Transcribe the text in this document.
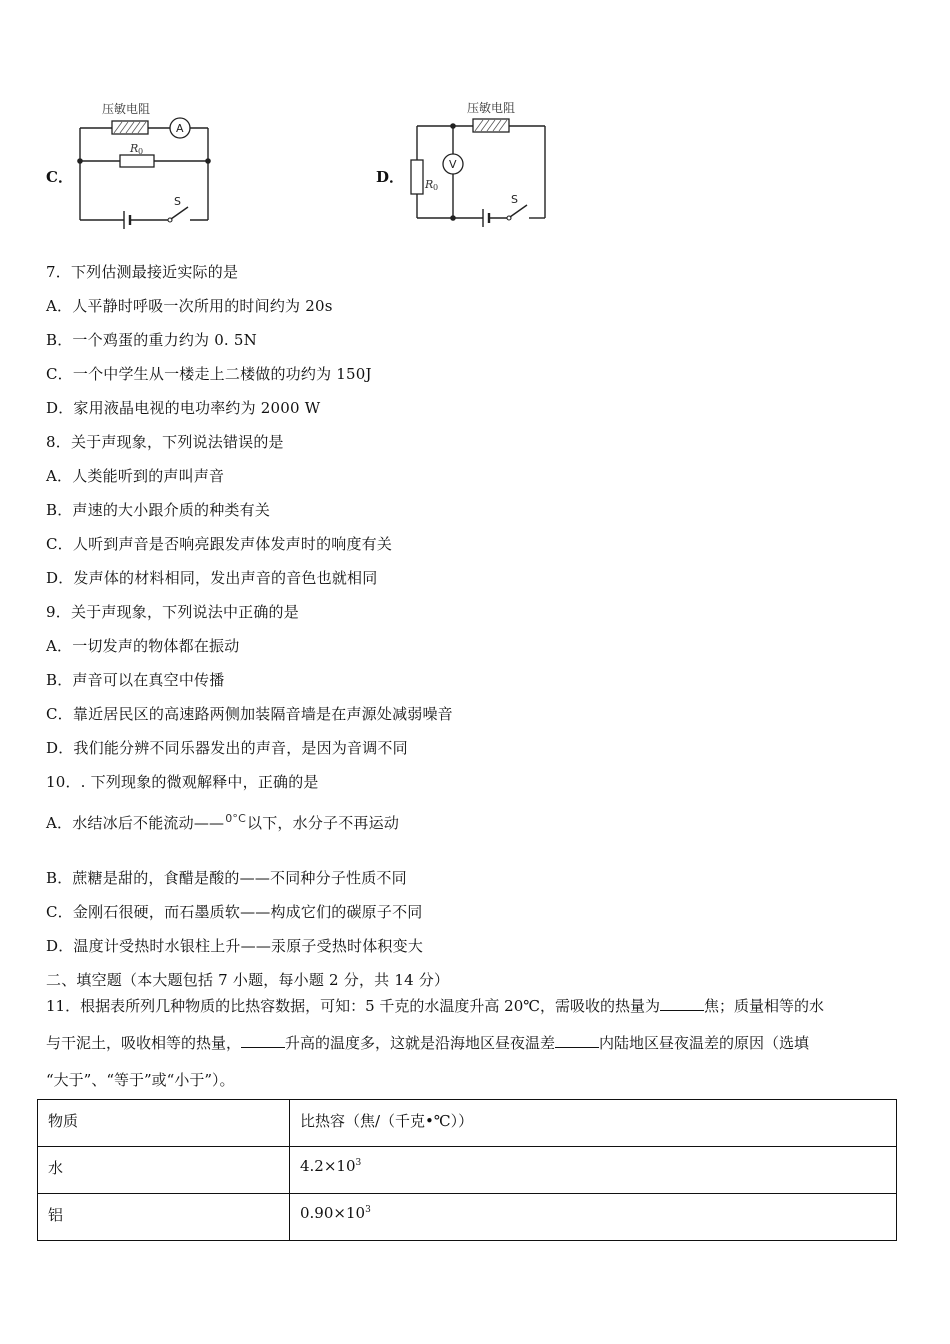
C．
压敏电阻
A
R 0
S
D．
压敏电阻
R 0
V
S
7．下列估测最接近实际的是
A．人平静时呼吸一次所用的时间约为 20s
B．一个鸡蛋的重力约为 0. 5N
C．一个中学生从一楼走上二楼做的功约为 150J
D．家用液晶电视的电功率约为 2000 W
8．关于声现象，下列说法错误的是
A．人类能听到的声叫声音
B．声速的大小跟介质的种类有关
C．人听到声音是否响亮跟发声体发声时的响度有关
D．发声体的材料相同，发出声音的音色也就相同
9．关于声现象，下列说法中正确的是
A．一切发声的物体都在振动
B．声音可以在真空中传播
C．靠近居民区的高速路两侧加装隔音墙是在声源处减弱噪音
D．我们能分辨不同乐器发出的声音，是因为音调不同
10．. 下列现象的微观解释中，正确的是
A．水结冰后不能流动——0°C以下，水分子不再运动
B．蔗糖是甜的，食醋是酸的——不同种分子性质不同
C．金刚石很硬，而石墨质软——构成它们的碳原子不同
D．温度计受热时水银柱上升——汞原子受热时体积变大
二、填空题（本大题包括 7 小题，每小题 2 分，共 14 分）
11．根据表所列几种物质的比热容数据，可知：5 千克的水温度升高 20℃，需吸收的热量为	焦；质量相等的水
与干泥土，吸收相等的热量，	升高的温度多，这就是沿海地区昼夜温差	内陆地区昼夜温差的原因（选填
“大于”、“等于”或“小于”）。
物质	比热容（焦/（千克•℃））
水	$4.2\times 10^3$
铝	$0.90\times 10^3$
